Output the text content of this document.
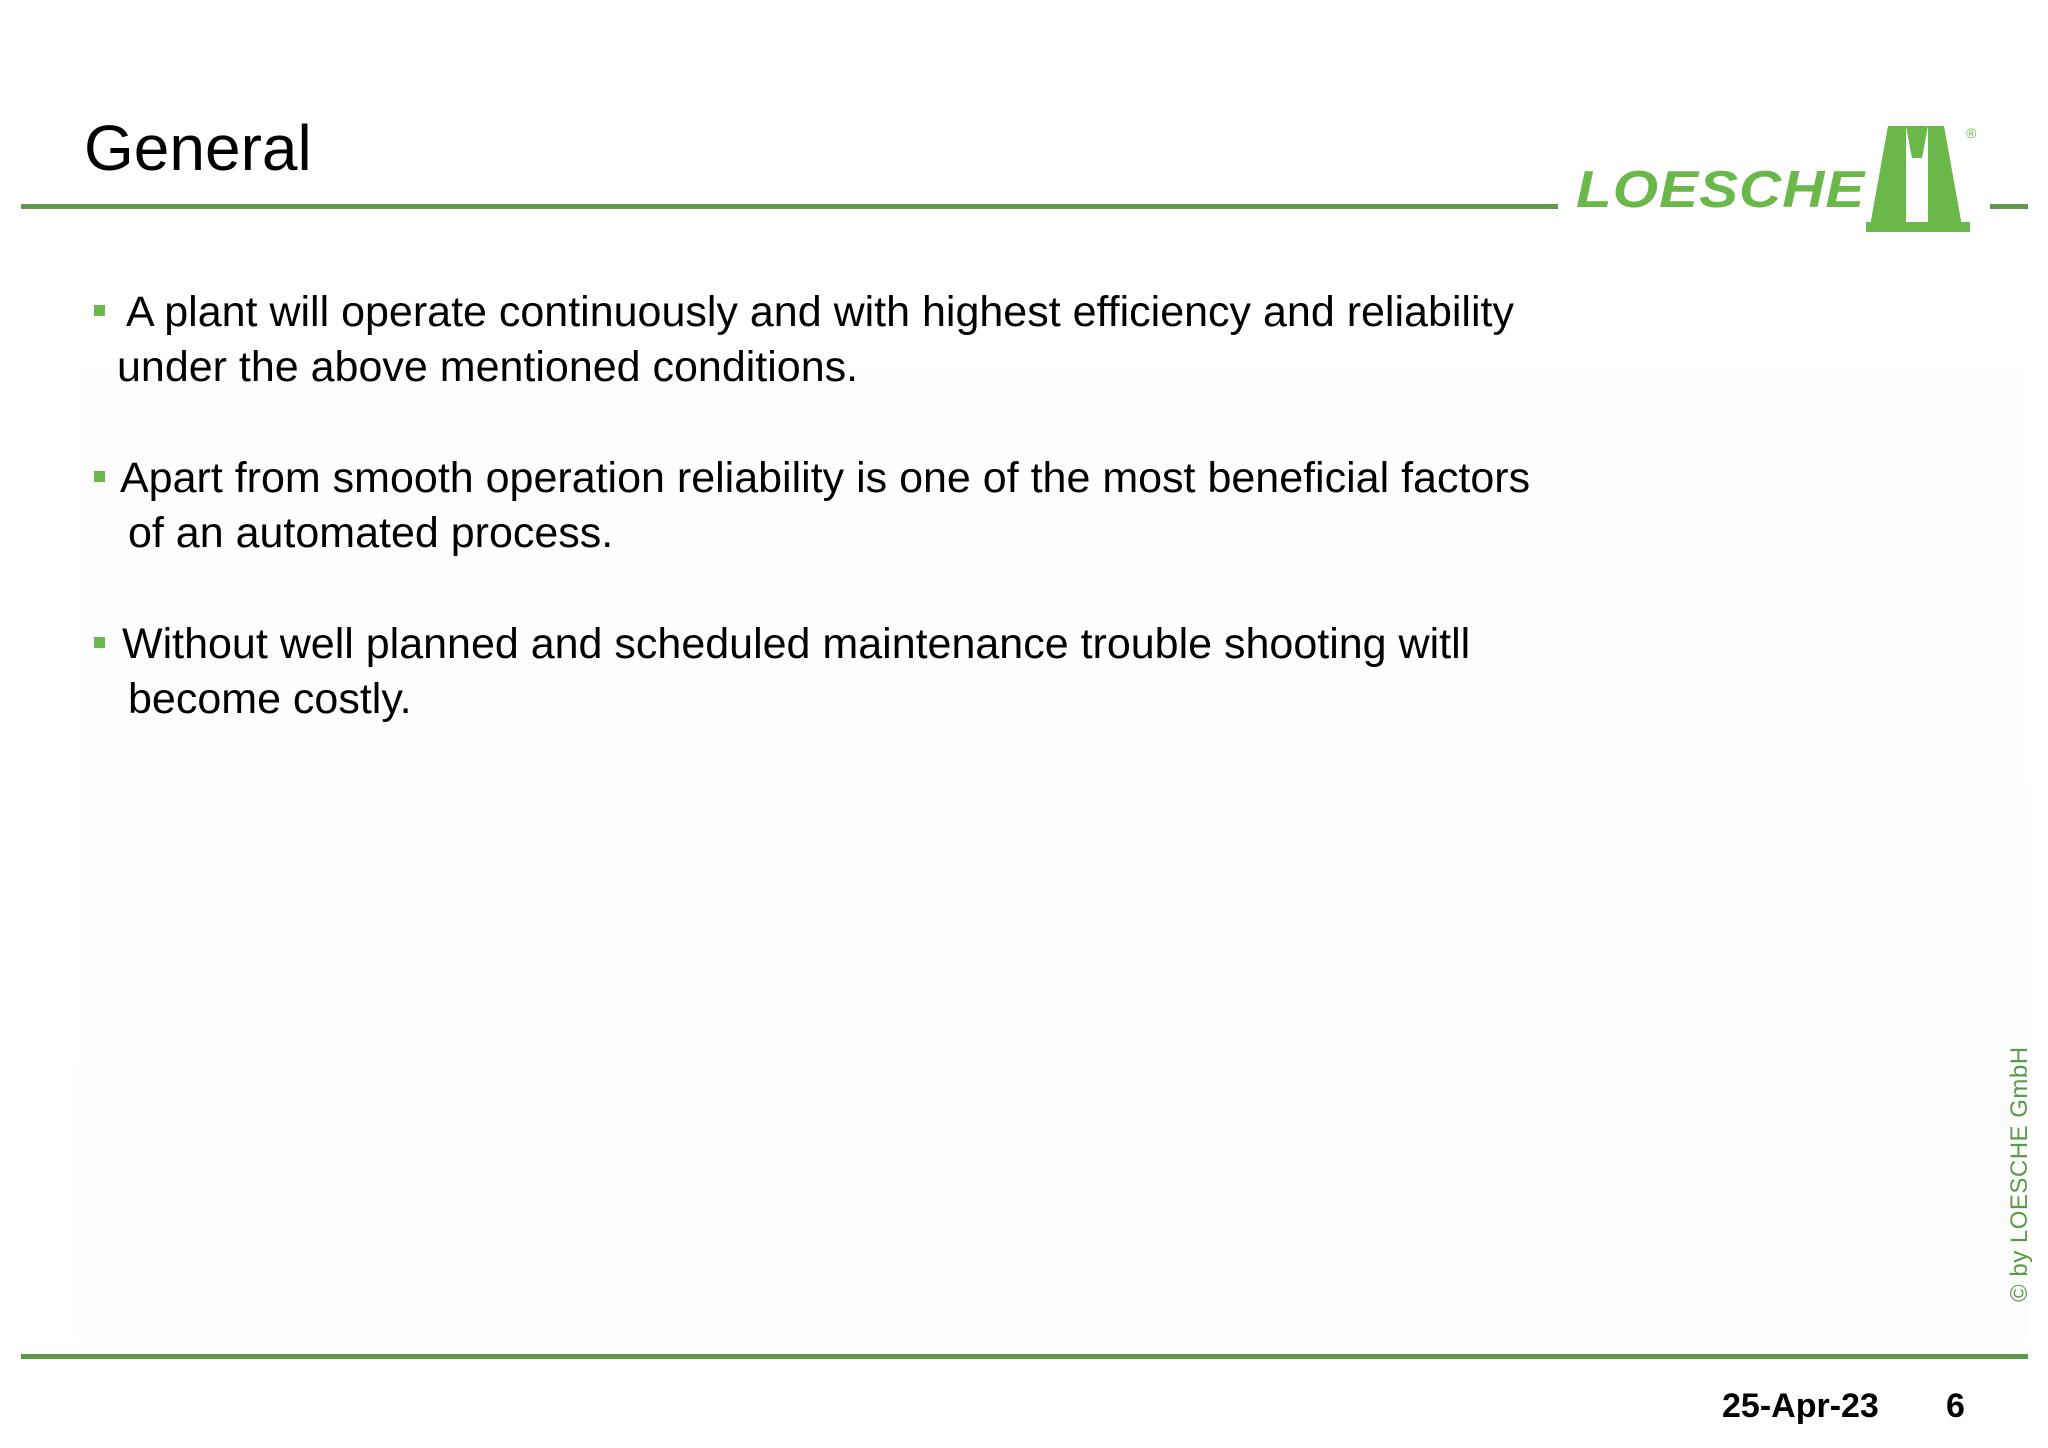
General
LOESCHE
®
A plant will operate continuously and with highest efficiency and reliability
under the above mentioned conditions.
Apart from smooth operation reliability is one of the most beneficial factors
of an automated process.
Without well planned and scheduled maintenance trouble shooting witll
become costly.
© by LOESCHE GmbH
25-Apr-23 6
